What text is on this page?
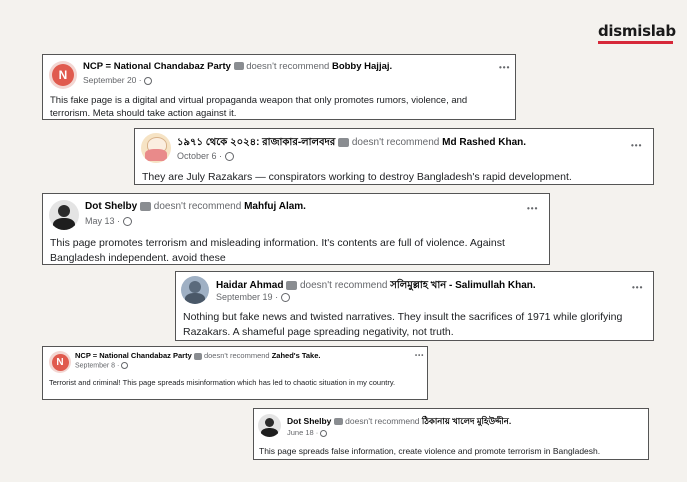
dismislab
N
NCP = National Chandabaz Party doesn't recommend Bobby Hajjaj.
September 20 ·
•••
This fake page is a digital and virtual propaganda weapon that only promotes rumors, violence, and terrorism. Meta should take action against it.
১৯৭১ থেকে ২০২৪: রাজাকার-লালবদর doesn't recommend Md Rashed Khan.
October 6 ·
•••
They are July Razakars — conspirators working to destroy Bangladesh's rapid development.
Dot Shelby doesn't recommend Mahfuj Alam.
May 13 ·
•••
This page promotes terrorism and misleading information. It's contents are full of violence. Against Bangladesh independent. avoid these
Haidar Ahmad doesn't recommend সলিমুল্লাহ খান - Salimullah Khan.
September 19 ·
•••
Nothing but fake news and twisted narratives. They insult the sacrifices of 1971 while glorifying Razakars. A shameful page spreading negativity, not truth.
N
NCP = National Chandabaz Party doesn't recommend Zahed's Take.
September 8 ·
•••
Terrorist and criminal! This page spreads misinformation which has led to chaotic situation in my country.
Dot Shelby doesn't recommend ঠিকানায় খালেদ মুহিউদ্দীন.
June 18 ·
This page spreads false information, create violence and promote terrorism in Bangladesh.
